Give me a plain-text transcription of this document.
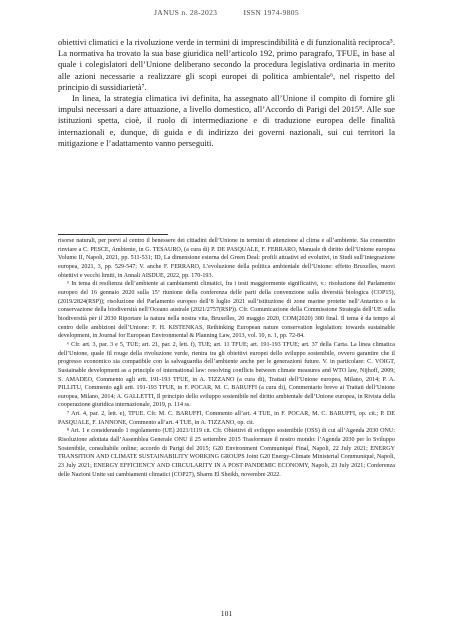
JANUS n. 28-2023	ISSN 1974-9805

obiettivi climatici e la rivoluzione verde in termini di imprescindibilità e di funzionalità reciproca⁵. La normativa ha trovato la sua base giuridica nell’articolo 192, primo paragrafo, TFUE, in base al quale i colegislatori dell’Unione deliberano secondo la procedura legislativa ordinaria in merito alle azioni necessarie a realizzare gli scopi europei di politica ambientale⁶, nel rispetto del principio di sussidiarietà⁷.

In linea, la strategia climatica ivi definita, ha assegnato all’Unione il compito di fornire gli impulsi necessari a dare attuazione, a livello domestico, all’Accordo di Parigi del 2015⁸. Alle sue istituzioni spetta, cioè, il ruolo di intermediazione e di traduzione europea delle finalità internazionali e, dunque, di guida e di indirizzo dei governi nazionali, sui cui territori la mitigazione e l’adattamento vanno perseguiti.

risorse naturali, per porvi al centro il benessere dei cittadini dell’Unione in termini di attenzione al clima e all’ambiente. Sia consentito rinviare a C. PESCE, Ambiente, in G. TESAURO, (a cura di) P. DE PASQUALE, F. FERRARO, Manuale di diritto dell’Unione europea Volume II, Napoli, 2021, pp. 511-531; ID, La dimensione esterna del Green Deal: profili attuativi ed evolutivi, in Studi sull’integrazione europea, 2021, 3, pp. 529-547; V. anche F. FERRARO, L’evoluzione della politica ambientale dell’Unione: effetto Bruxelles, nuovi obiettivi e vecchi limiti, in Annali AISDUE, 2022, pp. 170-193.

⁵ In tema di resilienza dell’ambiente ai cambiamenti climatici, fra i testi maggiormente significativi, v.: risoluzione del Parlamento europeo del 16 gennaio 2020 sulla 15ª riunione della conferenza delle parti della convenzione sulla diversità biologica (COP15), (2019/2824(RSP)); risoluzione del Parlamento europeo dell’8 luglio 2021 sull’istituzione di zone marine protette nell’Antartico e la conservazione della biodiversità nell’Oceano australe (2021/2757(RSP)). Cfr. Comunicazione della Commissione Strategia dell’UE sulla biodiversità per il 2030 Riportare la natura nella nostra vita, Bruxelles, 20 maggio 2020, COM(2020) 380 final. Il tema è da tempo al centro delle ambizioni dell’Unione: F. H. KISTENKAS, Rethinking European nature conservation legislation: towards sustainable development, in Journal for European Environmental & Planning Law, 2013, vol. 10, n. 1, pp. 72-84.

⁶ Cfr. art. 3, par. 3 e 5, TUE; art. 21, par. 2, lett. f), TUE; art. 11 TFUE; art. 191-193 TFUE; art. 37 della Carta. La linea climatica dell’Unione, quale fil rouge della rivoluzione verde, rientra tra gli obiettivi europei dello sviluppo sostenibile, ovvero garantire che il progresso economico sia compatibile con la salvaguardia dell’ambiente anche per le generazioni future. V. in particolare: C. VOIGT, Sustainable development as a principle of international law: resolving conflicts between climate measures and WTO law, Nijhoff, 2009; S. AMADEO, Commento agli artt. 191-193 TFUE, in A. TIZZANO (a cura di), Trattati dell’Unione europea, Milano, 2014; P. A. PILLITU, Commento agli artt. 191-193 TFUE, in F. POCAR, M. C. BARUFFI (a cura di), Commentario breve ai Trattati dell’Unione europea, Milano, 2014; A. GALLETTI, Il principio dello sviluppo sostenibile nel diritto ambientale dell’Unione europea, in Rivista della cooperazione giuridica internazionale, 2019, p. 114 ss.

⁷ Art. 4, par. 2, lett. e), TFUE. Cfr. M. C. BARUFFI, Commento all’art. 4 TUE, in F. POCAR, M. C. BARUFFI, op. cit.; P. DE PASQUALE, F. IANNONE, Commento all’art. 4 TUE, in A. TIZZANO, op. cit.

⁸ Art. 1 e considerando 1 regolamento (UE) 2021/1119 cit. Cfr. Obiettivi di sviluppo sostenibile (OSS) di cui all’Agenda 2030 ONU: Risoluzione adottata dall’Assemblea Generale ONU il 25 settembre 2015 Trasformare il nostro mondo: l’Agenda 2030 per lo Sviluppo Sostenibile, consultabile online; accordo di Parigi del 2015; G20 Environment Communiqué Final, Napoli, 22 July 2021; ENERGY TRANSITION AND CLIMATE SUSTAINABILITY WORKING GROUPS Joint G20 Energy-Climate Ministerial Communiqué, Napoli, 23 July 2021; ENERGY EFFICIENCY AND CIRCULARITY IN A POST PANDEMIC ECONOMY, Napoli, 23 July 2021; Conferenza delle Nazioni Unite sui cambiamenti climatici (COP27), Sharm El Sheikh, novembre 2022.

101
